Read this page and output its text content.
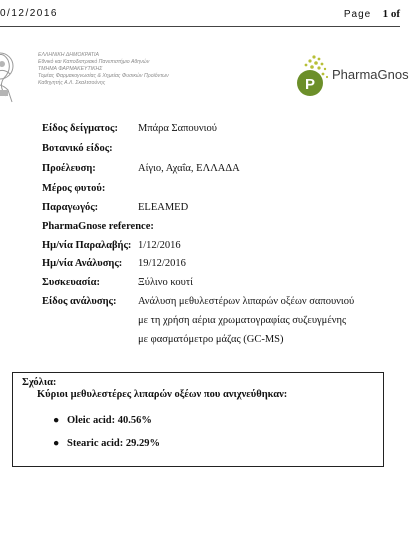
0/12/2016	Page 1 of
ΕΛΛΗΝΙΚΗ ΔΗΜΟΚΡΑΤΙΑ
Εθνικό και Καποδιστριακό Πανεπιστήμιο Αθηνών
ΤΜΗΜΑ ΦΑΡΜΑΚΕΥΤΙΚΗΣ
Τομέας Φαρμακογνωσίας & Χημείας Φυσικών Προϊόντων
Καθηγητής Α.Λ. Σκαλτσούνης	P
PharmaGnos
Είδος δείγματος: Μπάρα Σαπουνιού
Βοτανικό είδος:
Προέλευση:	Αίγιο, Αχαΐα, ΕΛΛΑΔΑ
Μέρος φυτού:
Παραγωγός:	ELEAMED
PharmaGnose reference:
Ημ/νία Παραλαβής: 1/12/2016
Ημ/νία Ανάλυσης: 19/12/2016
Συσκευασία:	Ξύλινο κουτί
Είδος ανάλυσης: Ανάλυση μεθυλεστέρων λιπαρών οξέων σαπουνιού
με τη χρήση αέρια χρωματογραφίας συζευγμένης
με φασματόμετρο μάζας (GC-MS)
Σχόλια:
Κύριοι μεθυλεστέρες λιπαρών οξέων που ανιχνεύθηκαν:
● Oleic acid: 40.56%
● Stearic acid: 29.29%
